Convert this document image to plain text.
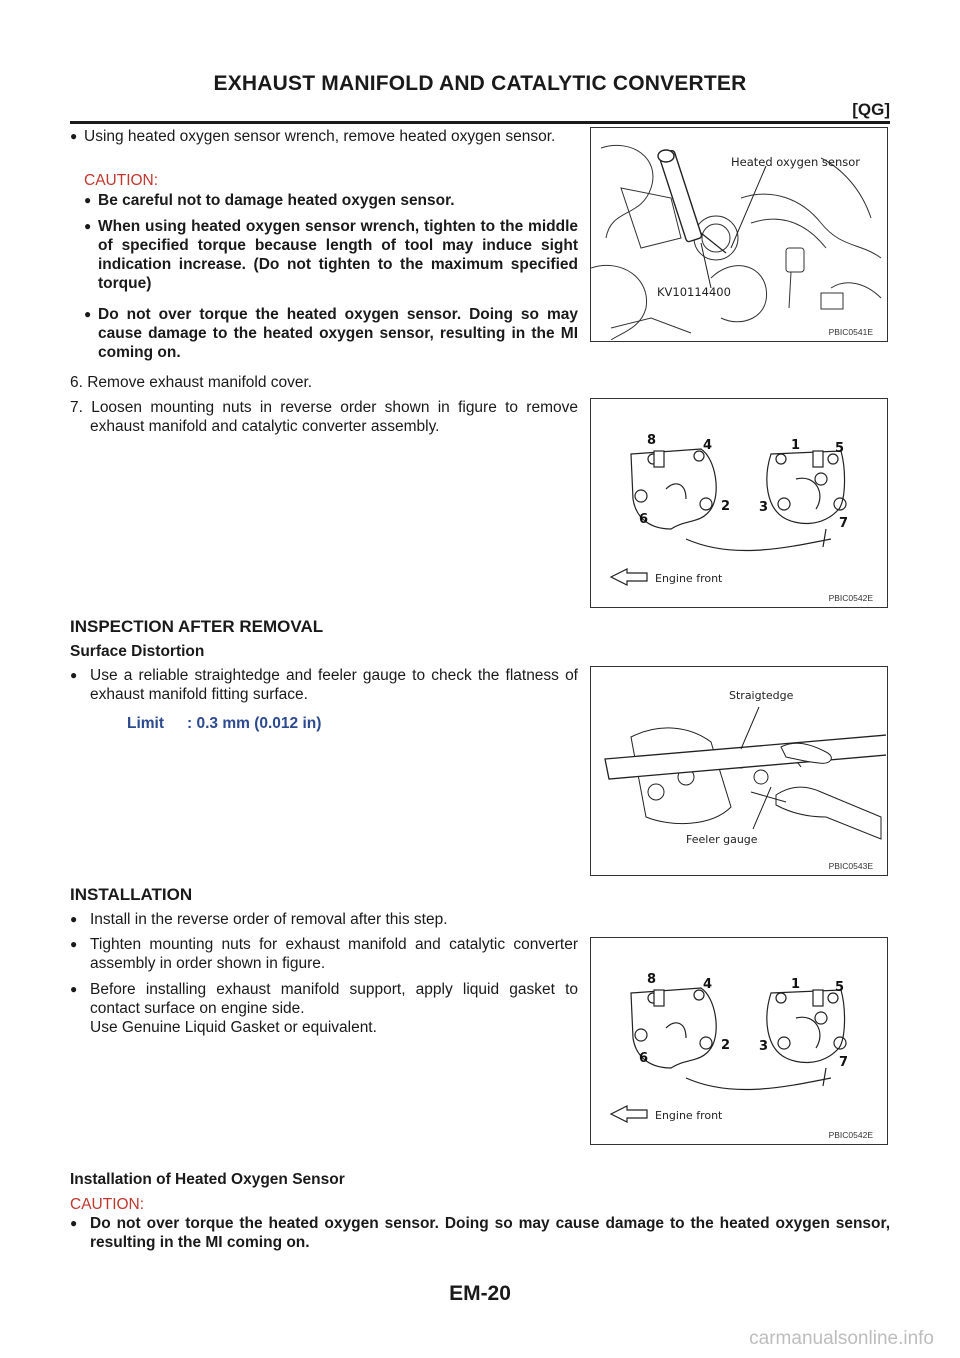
EXHAUST MANIFOLD AND CATALYTIC CONVERTER
[QG]
● Using heated oxygen sensor wrench, remove heated oxygen sensor.
CAUTION:
● Be careful not to damage heated oxygen sensor.
● When using heated oxygen sensor wrench, tighten to the middle of specified torque because length of tool may induce sight indication increase. (Do not tighten to the maximum specified torque)
● Do not over torque the heated oxygen sensor. Doing so may cause damage to the heated oxygen sensor, resulting in the MI coming on.
6. Remove exhaust manifold cover.
7. Loosen mounting nuts in reverse order shown in figure to remove exhaust manifold and catalytic converter assembly.
INSPECTION AFTER REMOVAL
Surface Distortion
● Use a reliable straightedge and feeler gauge to check the flatness of exhaust manifold fitting surface.
Limit : 0.3 mm (0.012 in)
INSTALLATION
● Install in the reverse order of removal after this step.
● Tighten mounting nuts for exhaust manifold and catalytic converter assembly in order shown in figure.
● Before installing exhaust manifold support, apply liquid gasket to contact surface on engine side.
Use Genuine Liquid Gasket or equivalent.
Installation of Heated Oxygen Sensor
CAUTION:
● Do not over torque the heated oxygen sensor. Doing so may cause damage to the heated oxygen sensor, resulting in the MI coming on.
Heated oxygen sensor
KV10114400
PBIC0541E
8	4	1	5
6
2 3
7
Engine front
PBIC0542E
Straigtedge
Feeler gauge
PBIC0543E
8	4	1	5
6
2 3
7
Engine front
PBIC0542E
EM-20
carmanualsonline.info
